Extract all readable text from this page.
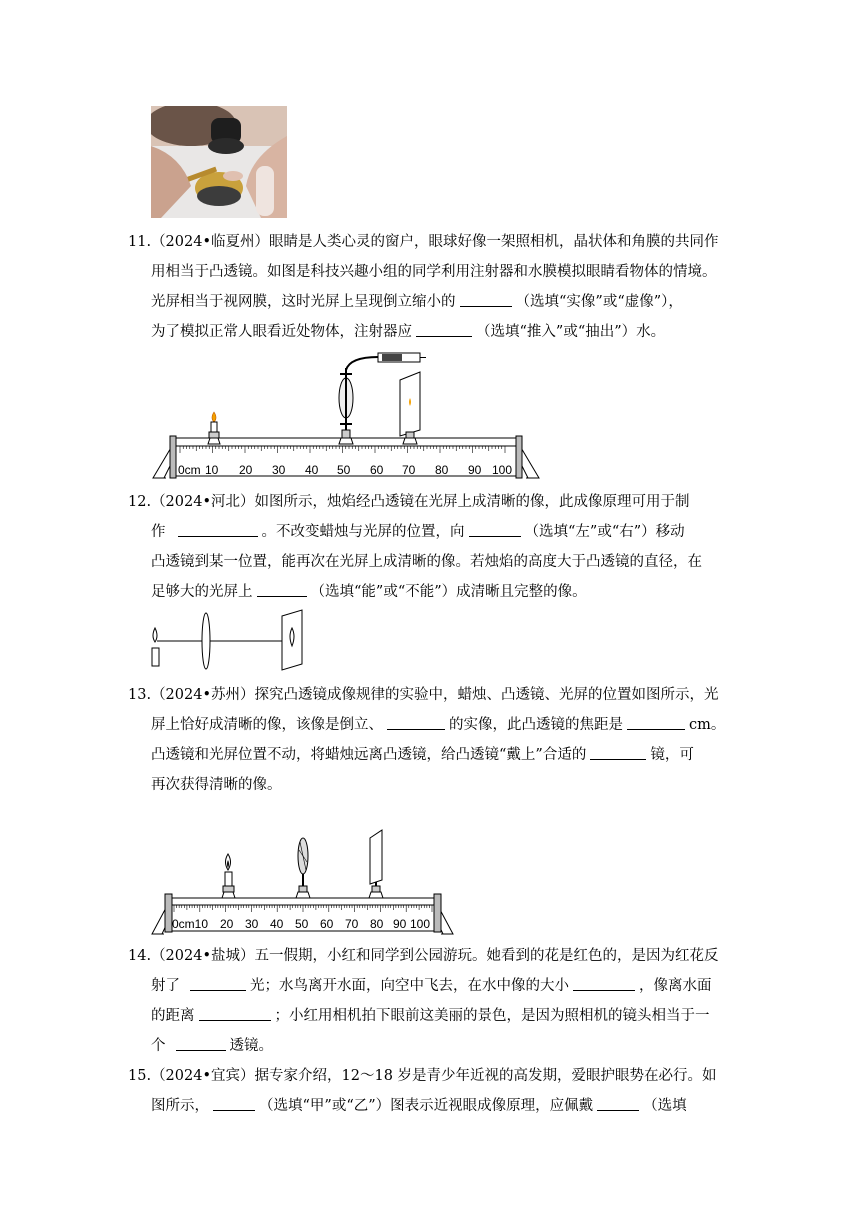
11.（2024•临夏州）眼睛是人类心灵的窗户，眼球好像一架照相机，晶状体和角膜的共同作

用相当于凸透镜。如图是科技兴趣小组的同学利用注射器和水膜模拟眼睛看物体的情境。

光屏相当于视网膜，这时光屏上呈现倒立缩小的	（选填“实像”或“虚像”），

为了模拟正常人眼看近处物体，注射器应	（选填“推入”或“抽出”）水。

0cm 10 20 30 40 50 60 70 80 90 100

12.（2024•河北）如图所示，烛焰经凸透镜在光屏上成清晰的像，此成像原理可用于制

作	。不改变蜡烛与光屏的位置，向	（选填“左”或“右”）移动

凸透镜到某一位置，能再次在光屏上成清晰的像。若烛焰的高度大于凸透镜的直径，在

足够大的光屏上	（选填“能”或“不能”）成清晰且完整的像。

13.（2024•苏州）探究凸透镜成像规律的实验中，蜡烛、凸透镜、光屏的位置如图所示，光

屏上恰好成清晰的像，该像是倒立、	的实像，此凸透镜的焦距是	cm。

凸透镜和光屏位置不动，将蜡烛远离凸透镜，给凸透镜“戴上”合适的	镜，可

再次获得清晰的像。

0cm10 20 30 40 50 60 70 80 90 100

14.（2024•盐城）五一假期，小红和同学到公园游玩。她看到的花是红色的，是因为红花反

射了	光；水鸟离开水面，向空中飞去，在水中像的大小	，像离水面

的距离	；小红用相机拍下眼前这美丽的景色，是因为照相机的镜头相当于一

个	透镜。

15.（2024•宜宾）据专家介绍，12～18 岁是青少年近视的高发期，爱眼护眼势在必行。如

图所示，	（选填“甲”或“乙”）图表示近视眼成像原理，应佩戴	（选填
